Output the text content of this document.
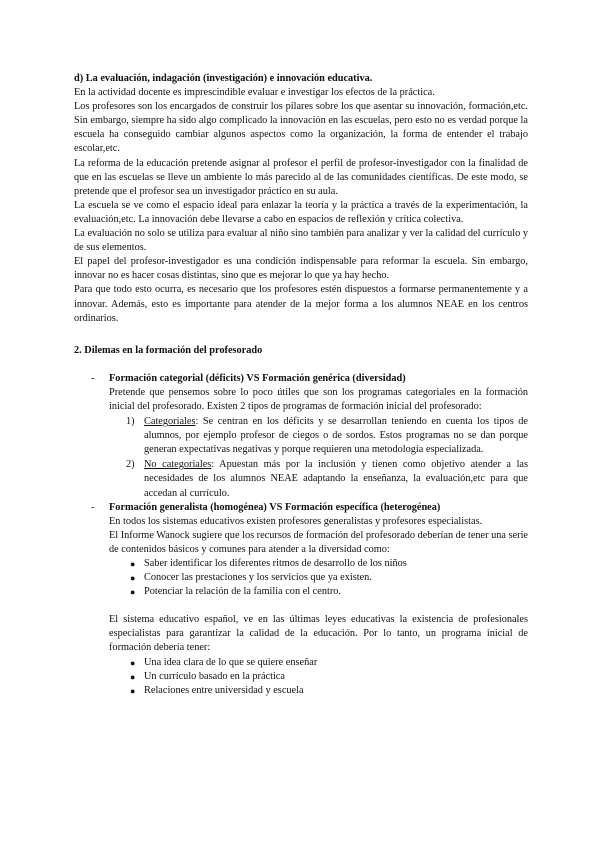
d) La evaluación, indagación (investigación) e innovación educativa.

En la actividad docente es imprescindible evaluar e investigar los efectos de la práctica.

Los profesores son los encargados de construir los pilares sobre los que asentar su innovación, formación,etc. Sin embargo, siempre ha sido algo complicado la innovación en las escuelas, pero esto no es verdad porque la escuela ha conseguido cambiar algunos aspectos como la organización, la forma de entender el trabajo escolar,etc.

La reforma de la educación pretende asignar al profesor el perfil de profesor-investigador con la finalidad de que en las escuelas se lleve un ambiente lo más parecido al de las comunidades científicas. De este modo, se pretende que el profesor sea un investigador práctico en su aula.

La escuela se ve como el espacio ideal para enlazar la teoría y la práctica a través de la experimentación, la evaluación,etc. La innovación debe llevarse a cabo en espacios de reflexión y crítica colectiva.

La evaluación no solo se utiliza para evaluar al niño sino también para analizar y ver la calidad del currículo y de sus elementos.

El papel del profesor-investigador es una condición indispensable para reformar la escuela. Sin embargo, innovar no es hacer cosas distintas, sino que es mejorar lo que ya hay hecho.

Para que todo esto ocurra, es necesario que los profesores estén dispuestos a formarse permanentemente y a innovar. Además, esto es importante para atender de la mejor forma a los alumnos NEAE en los centros ordinarios.

2. Dilemas en la formación del profesorado

- Formación categorial (déficits) VS Formación genérica (diversidad)

Pretende que pensemos sobre lo poco útiles que son los programas categoriales en la formación inicial del profesorado. Existen 2 tipos de programas de formación inicial del profesorado:

1) Categoriales: Se centran en los déficits y se desarrollan teniendo en cuenta los tipos de alumnos, por ejemplo profesor de ciegos o de sordos. Estos programas no se dan porque generan expectativas negativas y porque requieren una metodología especializada.

2) No categoriales: Apuestan más por la inclusión y tienen como objetivo atender a las necesidades de los alumnos NEAE adaptando la enseñanza, la evaluación,etc para que accedan al currículo.

- Formación generalista (homogénea) VS Formación específica (heterogénea)

En todos los sistemas educativos existen profesores generalistas y profesores especialistas.

El Informe Wanock sugiere que los recursos de formación del profesorado deberían de tener una serie de contenidos básicos y comunes para atender a la diversidad como:

● Saber identificar los diferentes ritmos de desarrollo de los niños
● Conocer las prestaciones y los servicios que ya existen.
● Potenciar la relación de la familia con el centro.

El sistema educativo español, ve en las últimas leyes educativas la existencia de profesionales especialistas para garantizar la calidad de la educación. Por lo tanto, un programa inicial de formación debería tener:

● Una idea clara de lo que se quiere enseñar
● Un currículo basado en la práctica
● Relaciones entre universidad y escuela
